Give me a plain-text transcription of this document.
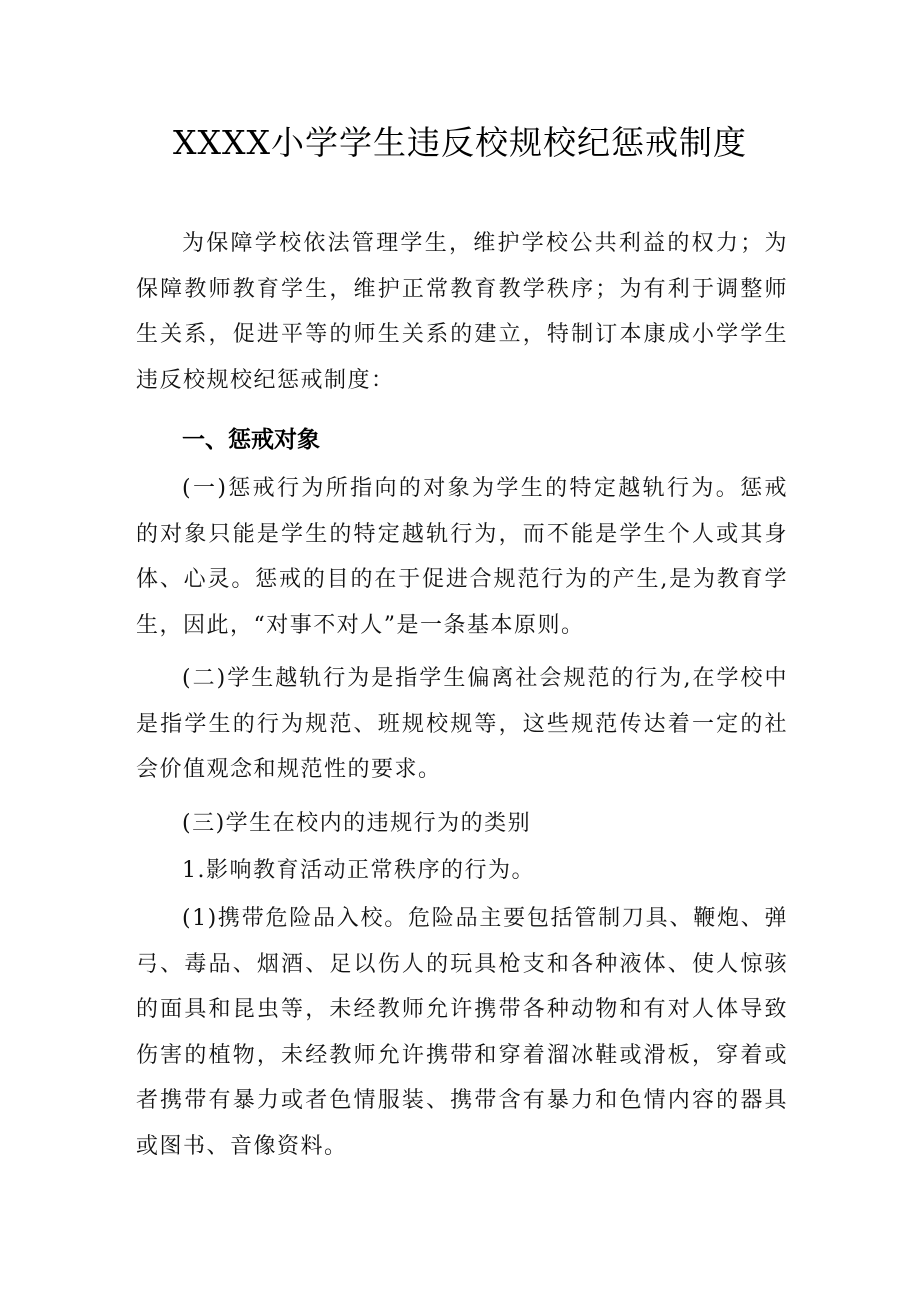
XXXX小学学生违反校规校纪惩戒制度

为保障学校依法管理学生，维护学校公共利益的权力；为保障教师教育学生，维护正常教育教学秩序；为有利于调整师生关系，促进平等的师生关系的建立，特制订本康成小学学生违反校规校纪惩戒制度：

一、惩戒对象

(一)惩戒行为所指向的对象为学生的特定越轨行为。惩戒的对象只能是学生的特定越轨行为，而不能是学生个人或其身体、心灵。惩戒的目的在于促进合规范行为的产生,是为教育学生，因此，“对事不对人”是一条基本原则。

(二)学生越轨行为是指学生偏离社会规范的行为,在学校中是指学生的行为规范、班规校规等，这些规范传达着一定的社会价值观念和规范性的要求。

(三)学生在校内的违规行为的类别

1.影响教育活动正常秩序的行为。

(1)携带危险品入校。危险品主要包括管制刀具、鞭炮、弹弓、毒品、烟酒、足以伤人的玩具枪支和各种液体、使人惊骇的面具和昆虫等，未经教师允许携带各种动物和有对人体导致伤害的植物，未经教师允许携带和穿着溜冰鞋或滑板，穿着或者携带有暴力或者色情服装、携带含有暴力和色情内容的器具或图书、音像资料。
